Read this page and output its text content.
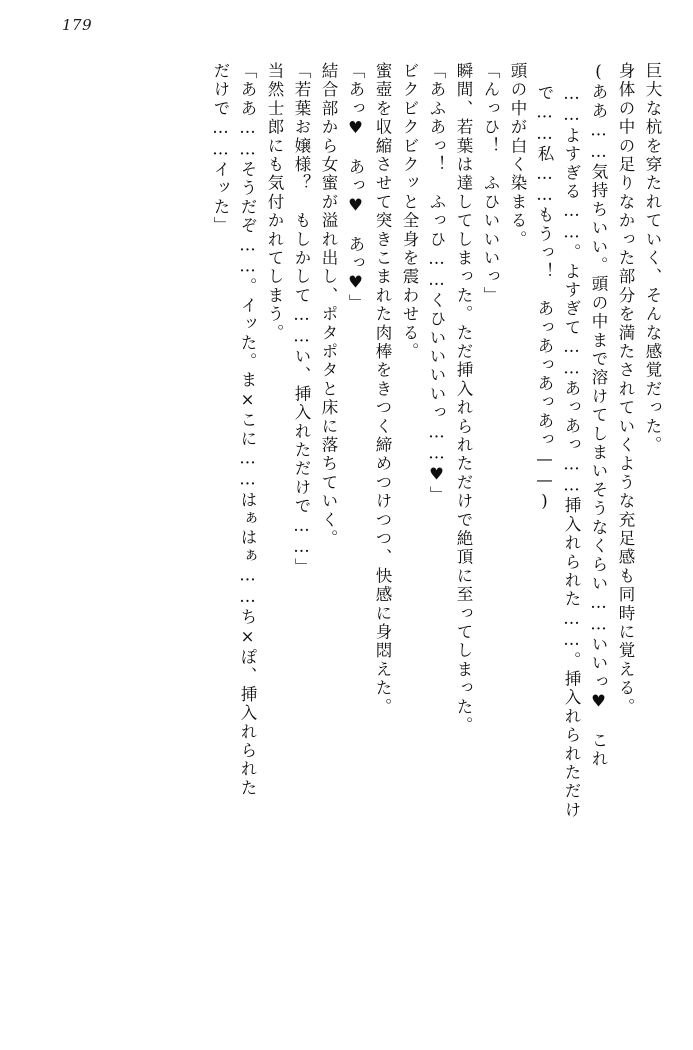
179
巨大な杭を穿たれていく、そんな感覚だった。
身体の中の足りなかった部分を満たされていくような充足感も同時に覚える。
(ああ……気持ちいい。頭の中まで溶けてしまいそうなくらい……いいっ♥　これ
……よすぎる……。よすぎて……あっあっ……挿入れられた……。挿入れられただけ
で……私……もうっ！　あっあっあっあっ——)
頭の中が白く染まる。
「んっひ！　ふひいいいっ」
瞬間、若葉は達してしまった。ただ挿入れられただけで絶頂に至ってしまった。
「あふあっ！　ふっひ……くひいいいいっ……♥」
ビクビクビクッと全身を震わせる。
蜜壺を収縮させて突きこまれた肉棒をきつく締めつけつつ、快感に身悶えた。
「あっ♥　あっ♥　あっ♥」
結合部から女蜜が溢れ出し、ポタポタと床に落ちていく。
「若葉お嬢様？　もしかして……い、挿入れただけで……」
当然士郎にも気付かれてしまう。
「ああ……そうだぞ……。イッた。ま×こに……はぁはぁ……ち×ぽ、挿入れられた
だけで……イッた」
